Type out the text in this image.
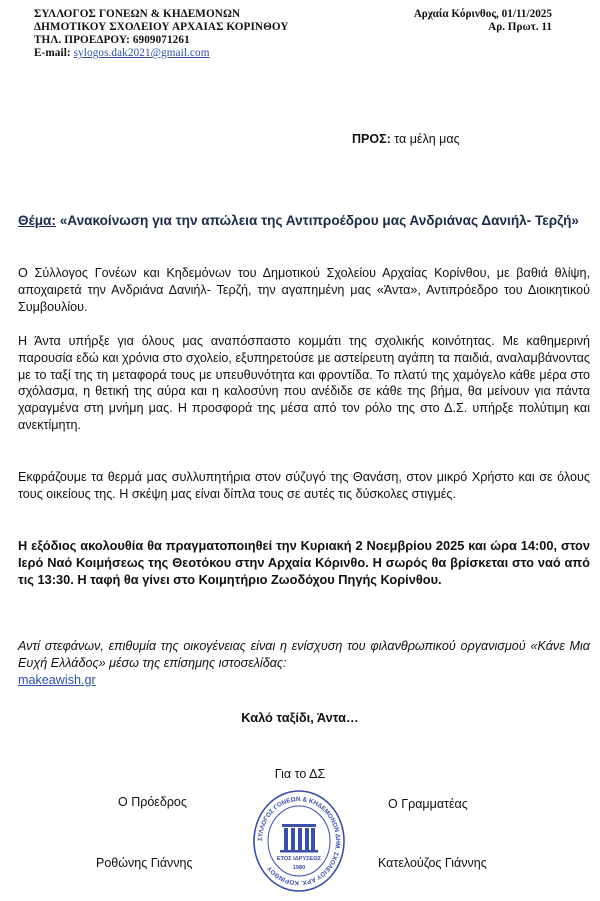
ΣΥΛΛΟΓΟΣ ΓΟΝΕΩΝ & ΚΗΔΕΜΟΝΩΝ
ΔΗΜΟΤΙΚΟΥ ΣΧΟΛΕΙΟΥ ΑΡΧΑΙΑΣ ΚΟΡΙΝΘΟΥ
ΤΗΛ. ΠΡΟΕΔΡΟΥ: 6909071261
E-mail: sylogos.dak2021@gmail.com
Αρχαία Κόρινθος, 01/11/2025
Αρ. Πρωτ. 11
ΠΡΟΣ: τα μέλη μας
Θέμα: «Ανακοίνωση για την απώλεια της Αντιπροέδρου μας Ανδριάνας Δανιήλ- Τερζή»
Ο Σύλλογος Γονέων και Κηδεμόνων του Δημοτικού Σχολείου Αρχαίας Κορίνθου, με βαθιά θλίψη, αποχαιρετά την Ανδριάνα Δανιήλ- Τερζή, την αγαπημένη μας «Άντα», Αντιπρόεδρο του Διοικητικού Συμβουλίου.
Η Άντα υπήρξε για όλους μας αναπόσπαστο κομμάτι της σχολικής κοινότητας. Με καθημερινή παρουσία εδώ και χρόνια στο σχολείο, εξυπηρετούσε με αστείρευτη αγάπη τα παιδιά, αναλαμβάνοντας με το ταξί της τη μεταφορά τους με υπευθυνότητα και φροντίδα. Το πλατύ της χαμόγελο κάθε μέρα στο σχόλασμα, η θετική της αύρα και η καλοσύνη που ανέδιδε σε κάθε της βήμα, θα μείνουν για πάντα χαραγμένα στη μνήμη μας. Η προσφορά της μέσα από τον ρόλο της στο Δ.Σ. υπήρξε πολύτιμη και ανεκτίμητη.
Εκφράζουμε τα θερμά μας συλλυπητήρια στον σύζυγό της Θανάση, στον μικρό Χρήστο και σε όλους τους οικείους της. Η σκέψη μας είναι δίπλα τους σε αυτές τις δύσκολες στιγμές.
Η εξόδιος ακολουθία θα πραγματοποιηθεί την Κυριακή 2 Νοεμβρίου 2025 και ώρα 14:00, στον Ιερό Ναό Κοιμήσεως της Θεοτόκου στην Αρχαία Κόρινθο. Η σωρός θα βρίσκεται στο ναό από τις 13:30. Η ταφή θα γίνει στο Κοιμητήριο Ζωοδόχου Πηγής Κορίνθου.
Αντί στεφάνων, επιθυμία της οικογένειας είναι η ενίσχυση του φιλανθρωπικού οργανισμού «Κάνε Μια Ευχή Ελλάδος» μέσω της επίσημης ιστοσελίδας:
makeawish.gr
Καλό ταξίδι, Άντα…
Για το ΔΣ
Ο Πρόεδρος	Ο Γραμματέας
Ροθώνης Γιάννης	Κατελούζος Γιάννης
ΣΥΛΛΟΓΟΣ ΓΟΝΕΩΝ & ΚΗΔΕΜΟΝΩΝ ΔΗΜ. ΣΧΟΛΕΙΟΥ ΑΡΧ. ΚΟΡΙΝΘΟΥ
ΕΤΟΣ ΙΔΡΥΣΕΩΣ
1980
